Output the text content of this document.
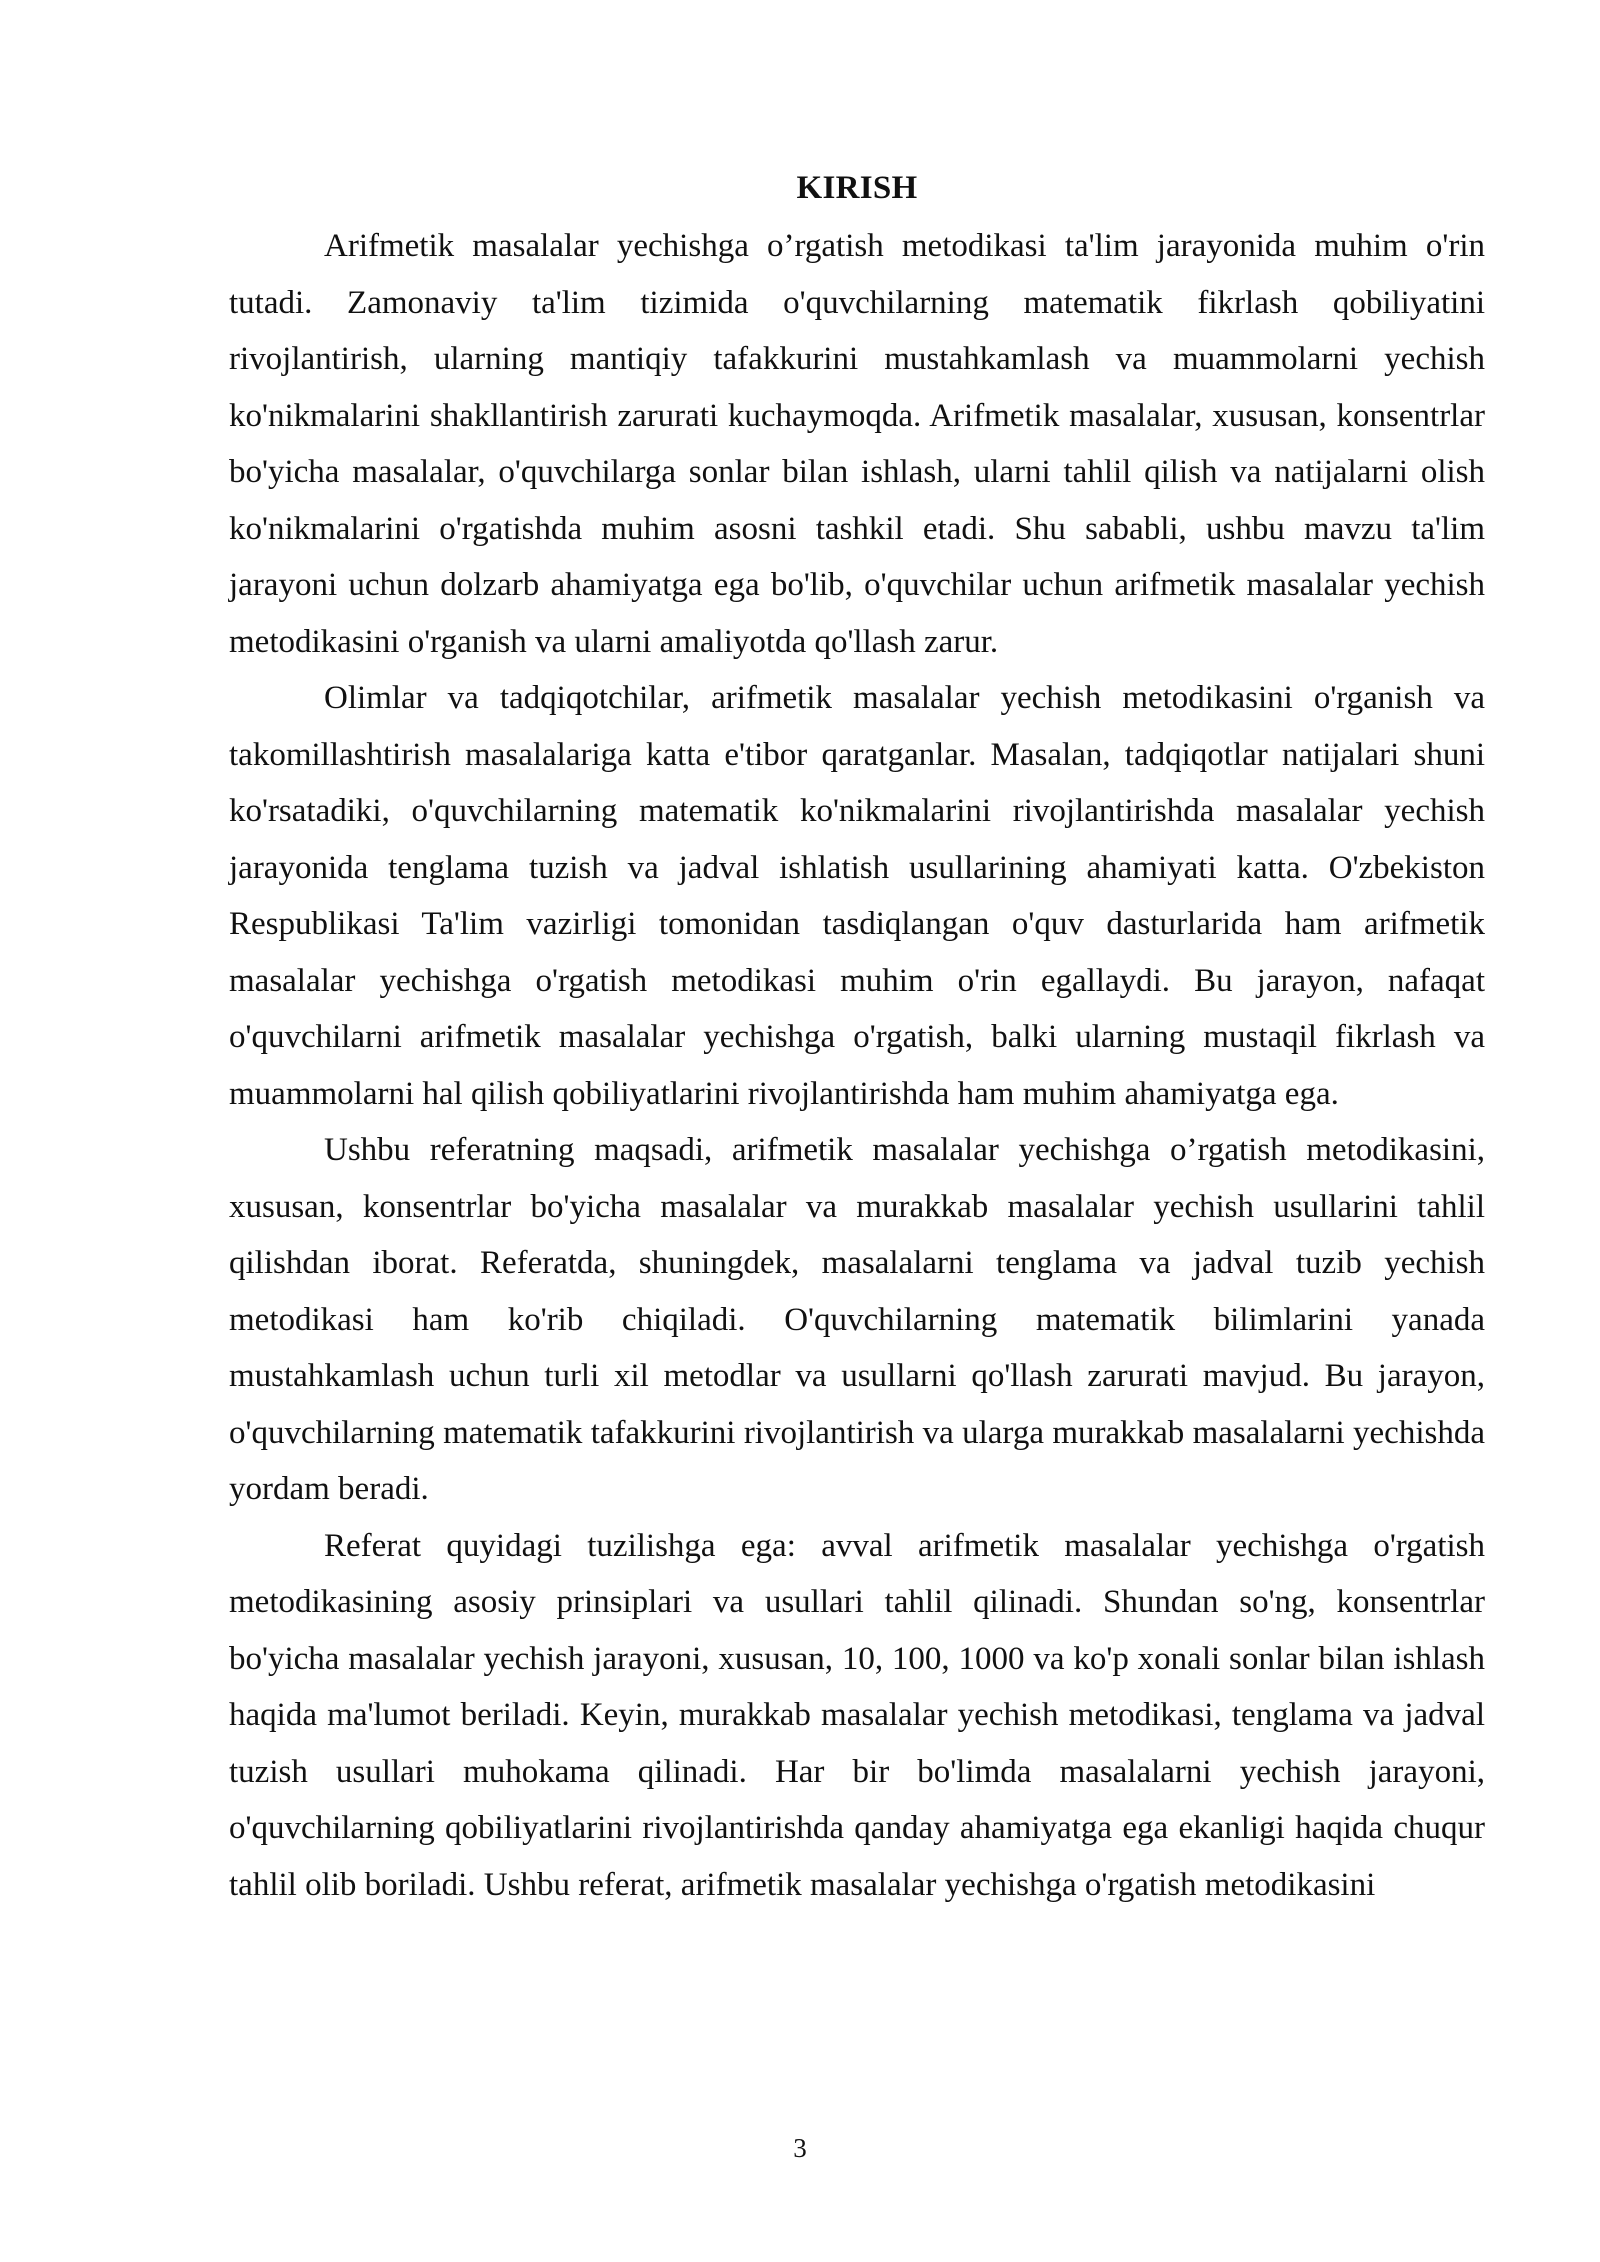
KIRISH

Arifmetik masalalar yechishga o’rgatish metodikasi ta'lim jarayonida muhim o'rin tutadi. Zamonaviy ta'lim tizimida o'quvchilarning matematik fikrlash qobiliyatini rivojlantirish, ularning mantiqiy tafakkurini mustahkamlash va muammolarni yechish ko'nikmalarini shakllantirish zarurati kuchaymoqda. Arifmetik masalalar, xususan, konsentrlar bo'yicha masalalar, o'quvchilarga sonlar bilan ishlash, ularni tahlil qilish va natijalarni olish ko'nikmalarini o'rgatishda muhim asosni tashkil etadi. Shu sababli, ushbu mavzu ta'lim jarayoni uchun dolzarb ahamiyatga ega bo'lib, o'quvchilar uchun arifmetik masalalar yechish metodikasini o'rganish va ularni amaliyotda qo'llash zarur.

Olimlar va tadqiqotchilar, arifmetik masalalar yechish metodikasini o'rganish va takomillashtirish masalalariga katta e'tibor qaratganlar. Masalan, tadqiqotlar natijalari shuni ko'rsatadiki, o'quvchilarning matematik ko'nikmalarini rivojlantirishda masalalar yechish jarayonida tenglama tuzish va jadval ishlatish usullarining ahamiyati katta. O'zbekiston Respublikasi Ta'lim vazirligi tomonidan tasdiqlangan o'quv dasturlarida ham arifmetik masalalar yechishga o'rgatish metodikasi muhim o'rin egallaydi. Bu jarayon, nafaqat o'quvchilarni arifmetik masalalar yechishga o'rgatish, balki ularning mustaqil fikrlash va muammolarni hal qilish qobiliyatlarini rivojlantirishda ham muhim ahamiyatga ega.

Ushbu referatning maqsadi, arifmetik masalalar yechishga o’rgatish metodikasini, xususan, konsentrlar bo'yicha masalalar va murakkab masalalar yechish usullarini tahlil qilishdan iborat. Referatda, shuningdek, masalalarni tenglama va jadval tuzib yechish metodikasi ham ko'rib chiqiladi. O'quvchilarning matematik bilimlarini yanada mustahkamlash uchun turli xil metodlar va usullarni qo'llash zarurati mavjud. Bu jarayon, o'quvchilarning matematik tafakkurini rivojlantirish va ularga murakkab masalalarni yechishda yordam beradi.

Referat quyidagi tuzilishga ega: avval arifmetik masalalar yechishga o'rgatish metodikasining asosiy prinsiplari va usullari tahlil qilinadi. Shundan so'ng, konsentrlar bo'yicha masalalar yechish jarayoni, xususan, 10, 100, 1000 va ko'p xonali sonlar bilan ishlash haqida ma'lumot beriladi. Keyin, murakkab masalalar yechish metodikasi, tenglama va jadval tuzish usullari muhokama qilinadi. Har bir bo'limda masalalarni yechish jarayoni, o'quvchilarning qobiliyatlarini rivojlantirishda qanday ahamiyatga ega ekanligi haqida chuqur tahlil olib boriladi. Ushbu referat, arifmetik masalalar yechishga o'rgatish metodikasini

3
